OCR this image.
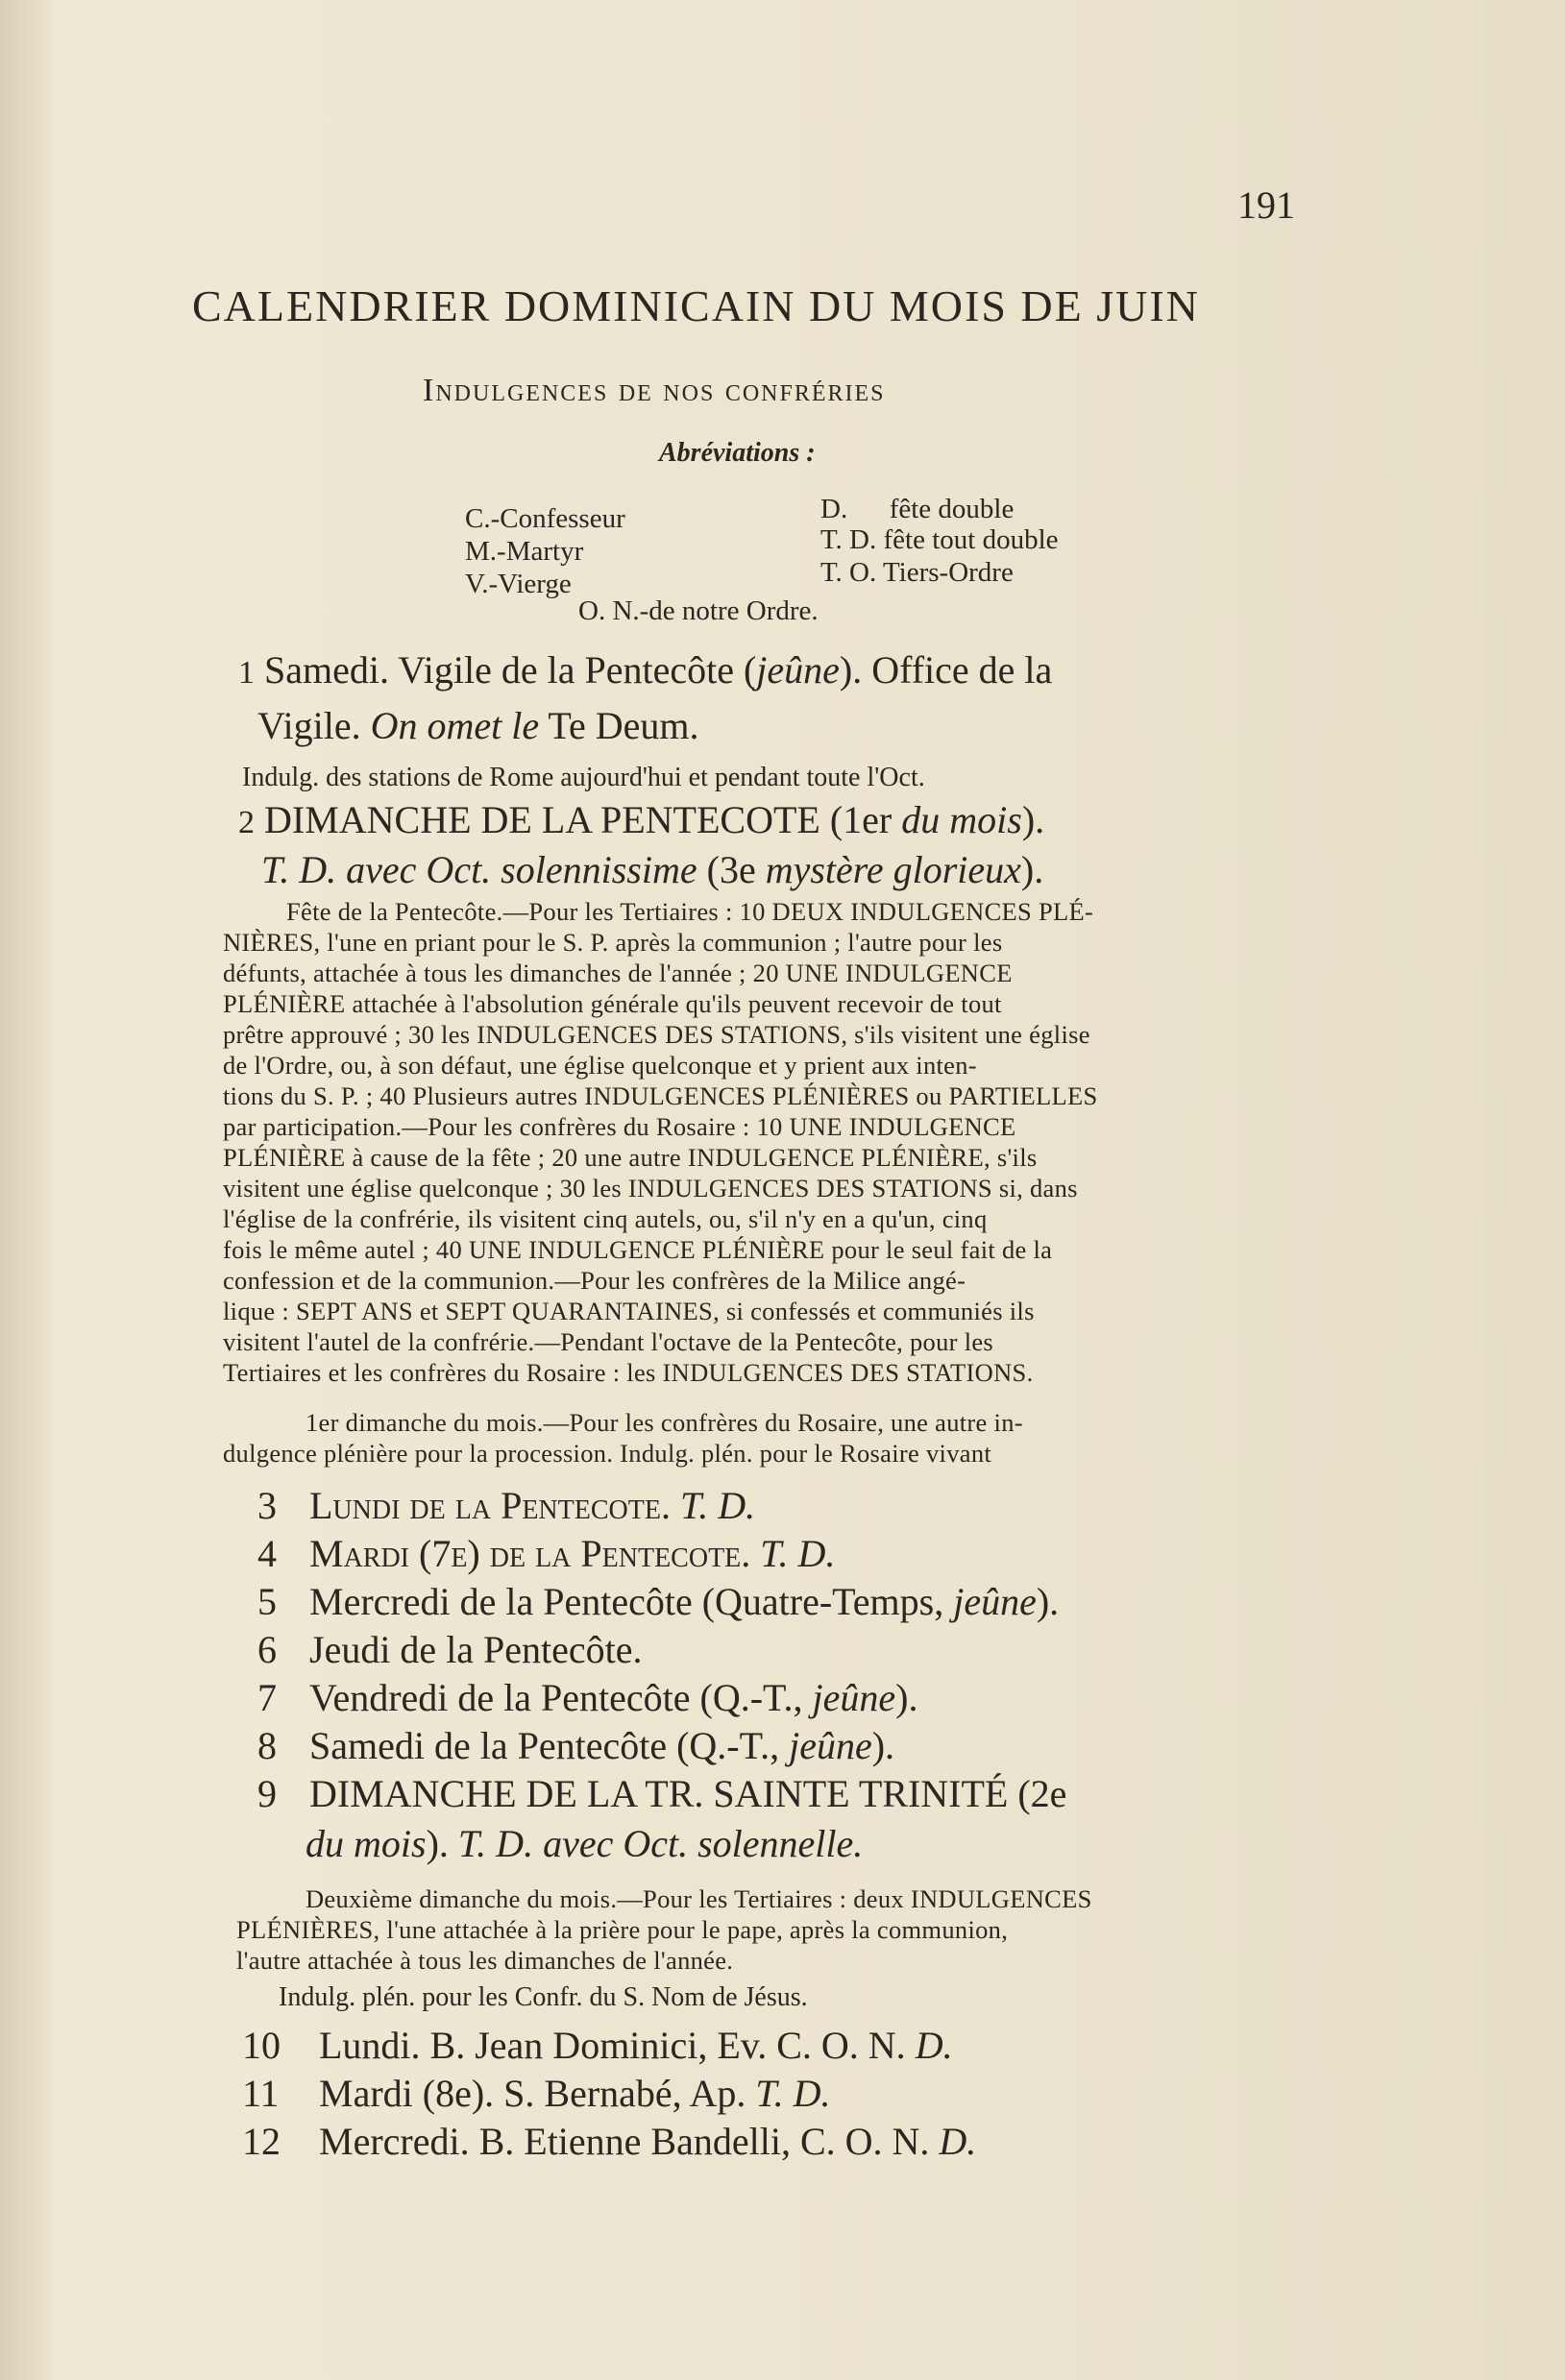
191
CALENDRIER DOMINICAIN DU MOIS DE JUIN
Indulgences de nos confréries
Abréviations :
C.-Confesseur
M.-Martyr
V.-Vierge
D.      fête double
T. D. fête tout double
T. O. Tiers-Ordre
O. N.-de notre Ordre.
1 Samedi. Vigile de la Pentecôte (jeûne). Office de la
Vigile. On omet le Te Deum.
Indulg. des stations de Rome aujourd'hui et pendant toute l'Oct.
2 DIMANCHE DE LA PENTECOTE (1er du mois).
T. D. avec Oct. solennissime (3e mystère glorieux).
Fête de la Pentecôte.—Pour les Tertiaires : 10 DEUX INDULGENCES PLÉ-
NIÈRES, l'une en priant pour le S. P. après la communion ; l'autre pour les
défunts, attachée à tous les dimanches de l'année ; 20 UNE INDULGENCE
PLÉNIÈRE attachée à l'absolution générale qu'ils peuvent recevoir de tout
prêtre approuvé ; 30 les INDULGENCES DES STATIONS, s'ils visitent une église
de l'Ordre, ou, à son défaut, une église quelconque et y prient aux inten-
tions du S. P. ; 40 Plusieurs autres INDULGENCES PLÉNIÈRES ou PARTIELLES
par participation.—Pour les confrères du Rosaire : 10 UNE INDULGENCE
PLÉNIÈRE à cause de la fête ; 20 une autre INDULGENCE PLÉNIÈRE, s'ils
visitent une église quelconque ; 30 les INDULGENCES DES STATIONS si, dans
l'église de la confrérie, ils visitent cinq autels, ou, s'il n'y en a qu'un, cinq
fois le même autel ; 40 UNE INDULGENCE PLÉNIÈRE pour le seul fait de la
confession et de la communion.—Pour les confrères de la Milice angé-
lique : SEPT ANS et SEPT QUARANTAINES, si confessés et communiés ils
visitent l'autel de la confrérie.—Pendant l'octave de la Pentecôte, pour les
Tertiaires et les confrères du Rosaire : les INDULGENCES DES STATIONS.
1er dimanche du mois.—Pour les confrères du Rosaire, une autre in-
dulgence plénière pour la procession. Indulg. plén. pour le Rosaire vivant
3 Lundi de la Pentecote. T. D.
4 Mardi (7e) de la Pentecote. T. D.
5 Mercredi de la Pentecôte (Quatre-Temps, jeûne).
6 Jeudi de la Pentecôte.
7 Vendredi de la Pentecôte (Q.-T., jeûne).
8 Samedi de la Pentecôte (Q.-T., jeûne).
9 DIMANCHE DE LA TR. SAINTE TRINITÉ (2e
du mois). T. D. avec Oct. solennelle.
Deuxième dimanche du mois.—Pour les Tertiaires : deux INDULGENCES
PLÉNIÈRES, l'une attachée à la prière pour le pape, après la communion,
l'autre attachée à tous les dimanches de l'année.
Indulg. plén. pour les Confr. du S. Nom de Jésus.
10 Lundi. B. Jean Dominici, Ev. C. O. N. D.
11 Mardi (8e). S. Bernabé, Ap. T. D.
12 Mercredi. B. Etienne Bandelli, C. O. N. D.
